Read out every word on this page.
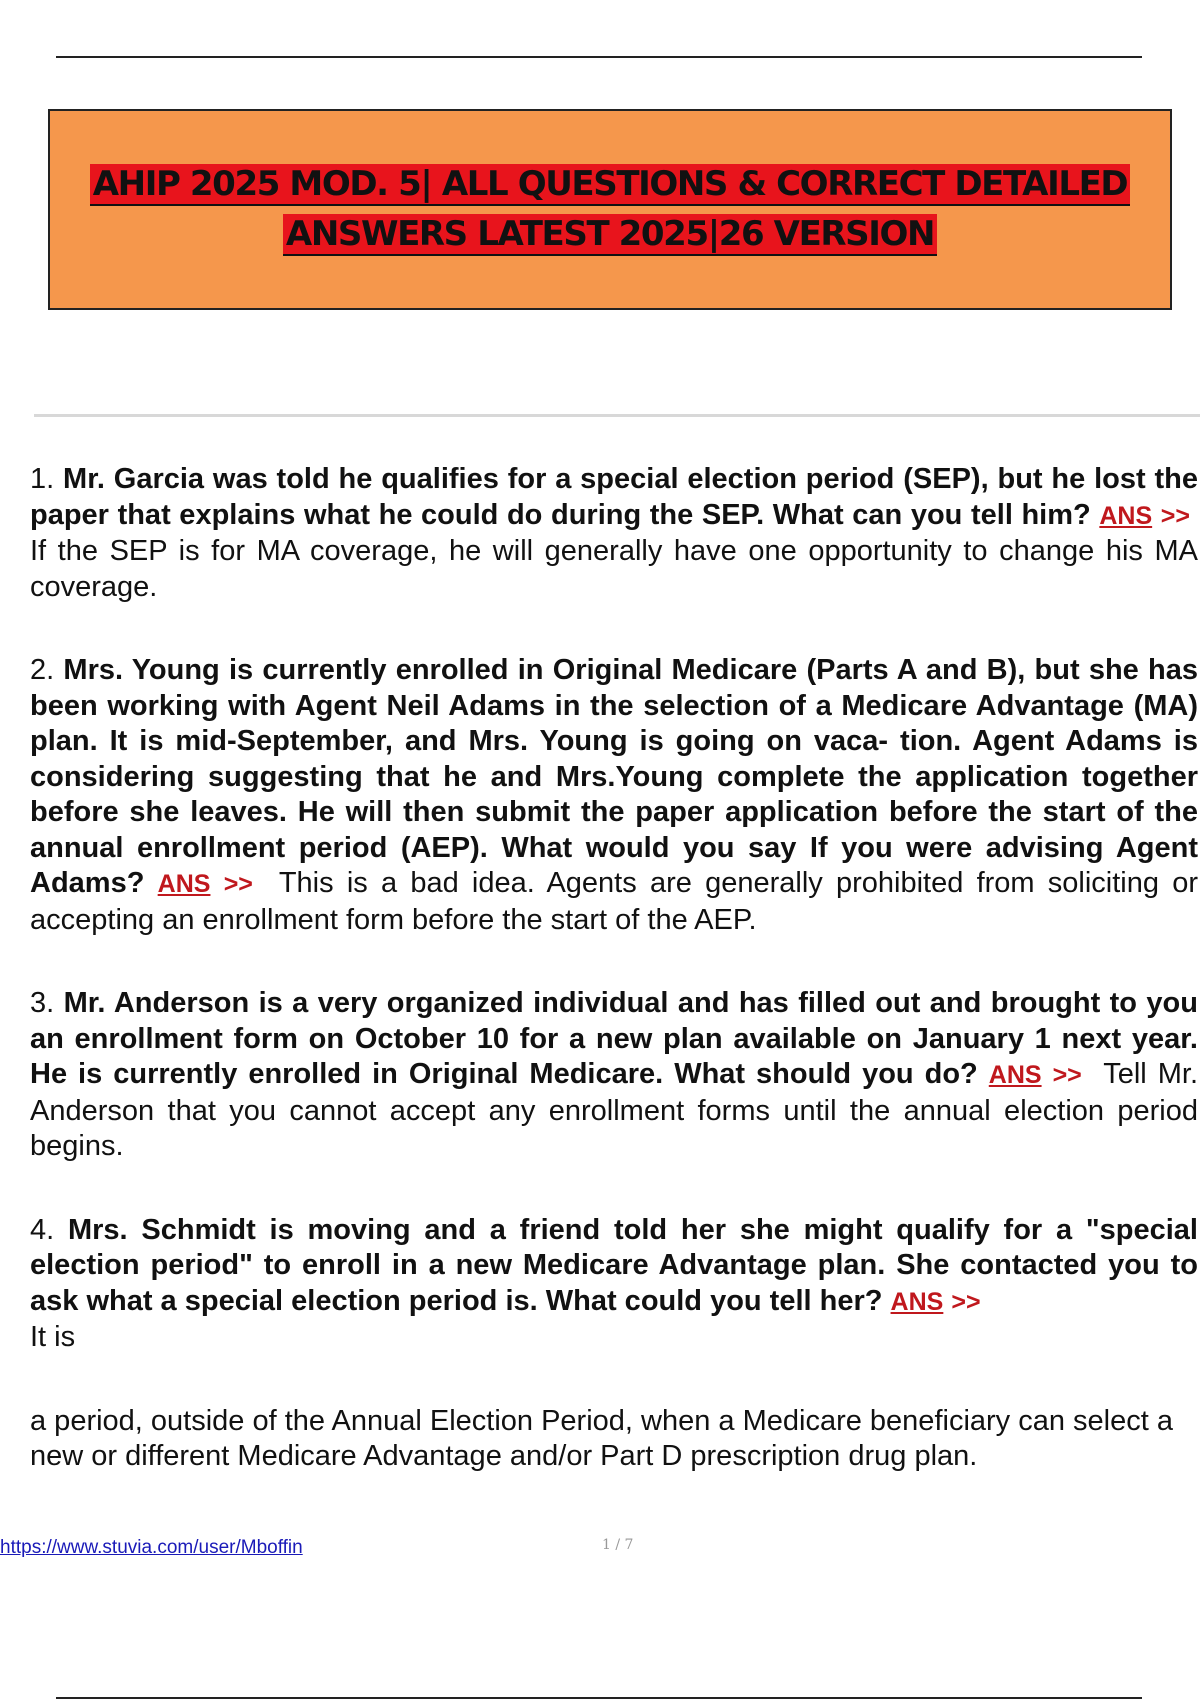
AHIP 2025 MOD. 5| ALL QUESTIONS & CORRECT DETAILED
ANSWERS LATEST 2025|26 VERSION

1. Mr. Garcia was told he qualifies for a special election period (SEP), but he lost the paper that explains what he could do during the SEP. What can you tell him? ANS >>  If the SEP is for MA coverage, he will generally have one opportunity to change his MA coverage.

2. Mrs. Young is currently enrolled in Original Medicare (Parts A and B), but she has been working with Agent Neil Adams in the selection of a Medicare Advantage (MA) plan. It is mid-September, and Mrs. Young is going on vaca- tion. Agent Adams is considering suggesting that he and Mrs.Young complete the application together before she leaves. He will then submit the paper application before the start of the annual enrollment period (AEP). What would you say If you were advising Agent Adams? ANS >> This is a bad idea. Agents are generally prohibited from soliciting or accepting an enrollment form before the start of the AEP.

3. Mr. Anderson is a very organized individual and has filled out and brought to you an enrollment form on October 10 for a new plan available on January 1 next year. He is currently enrolled in Original Medicare. What should you do? ANS >> Tell Mr. Anderson that you cannot accept any enrollment forms until the annual election period begins.

4. Mrs. Schmidt is moving and a friend told her she might qualify for a "special election period" to enroll in a new Medicare Advantage plan. She contacted you to ask what a special election period is. What could you tell her? ANS >>
It is

a period, outside of the Annual Election Period, when a Medicare beneficiary can select a new or different Medicare Advantage and/or Part D prescription drug plan.

https://www.stuvia.com/user/Mboffin	1 / 7
